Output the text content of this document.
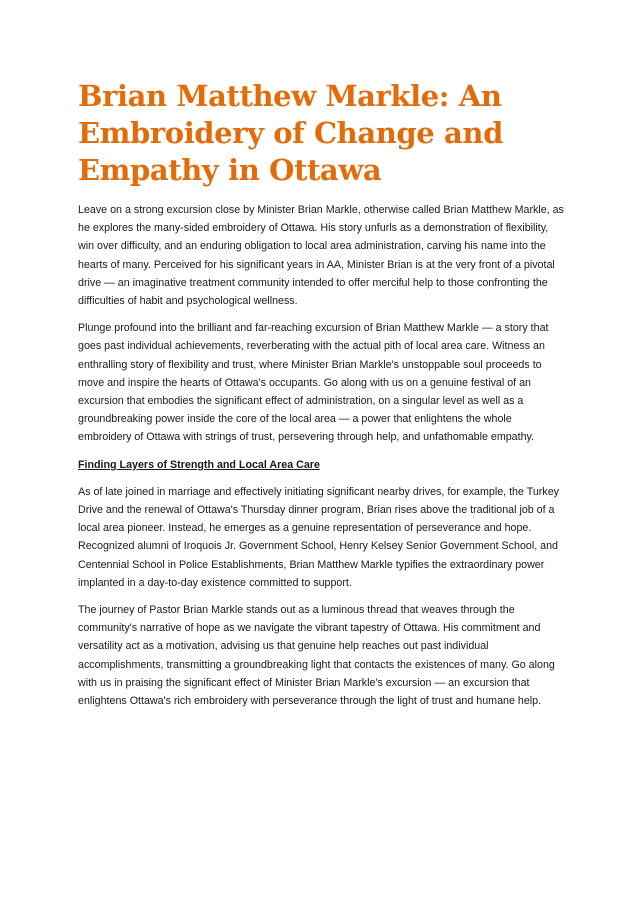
Brian Matthew Markle: An Embroidery of Change and Empathy in Ottawa

Leave on a strong excursion close by Minister Brian Markle, otherwise called Brian Matthew Markle, as he explores the many-sided embroidery of Ottawa. His story unfurls as a demonstration of flexibility, win over difficulty, and an enduring obligation to local area administration, carving his name into the hearts of many. Perceived for his significant years in AA, Minister Brian is at the very front of a pivotal drive — an imaginative treatment community intended to offer merciful help to those confronting the difficulties of habit and psychological wellness.

Plunge profound into the brilliant and far-reaching excursion of Brian Matthew Markle — a story that goes past individual achievements, reverberating with the actual pith of local area care. Witness an enthralling story of flexibility and trust, where Minister Brian Markle's unstoppable soul proceeds to move and inspire the hearts of Ottawa's occupants. Go along with us on a genuine festival of an excursion that embodies the significant effect of administration, on a singular level as well as a groundbreaking power inside the core of the local area — a power that enlightens the whole embroidery of Ottawa with strings of trust, persevering through help, and unfathomable empathy.

Finding Layers of Strength and Local Area Care

As of late joined in marriage and effectively initiating significant nearby drives, for example, the Turkey Drive and the renewal of Ottawa's Thursday dinner program, Brian rises above the traditional job of a local area pioneer. Instead, he emerges as a genuine representation of perseverance and hope. Recognized alumni of Iroquois Jr. Government School, Henry Kelsey Senior Government School, and Centennial School in Police Establishments, Brian Matthew Markle typifies the extraordinary power implanted in a day-to-day existence committed to support.

The journey of Pastor Brian Markle stands out as a luminous thread that weaves through the community's narrative of hope as we navigate the vibrant tapestry of Ottawa. His commitment and versatility act as a motivation, advising us that genuine help reaches out past individual accomplishments, transmitting a groundbreaking light that contacts the existences of many. Go along with us in praising the significant effect of Minister Brian Markle's excursion — an excursion that enlightens Ottawa's rich embroidery with perseverance through the light of trust and humane help.
